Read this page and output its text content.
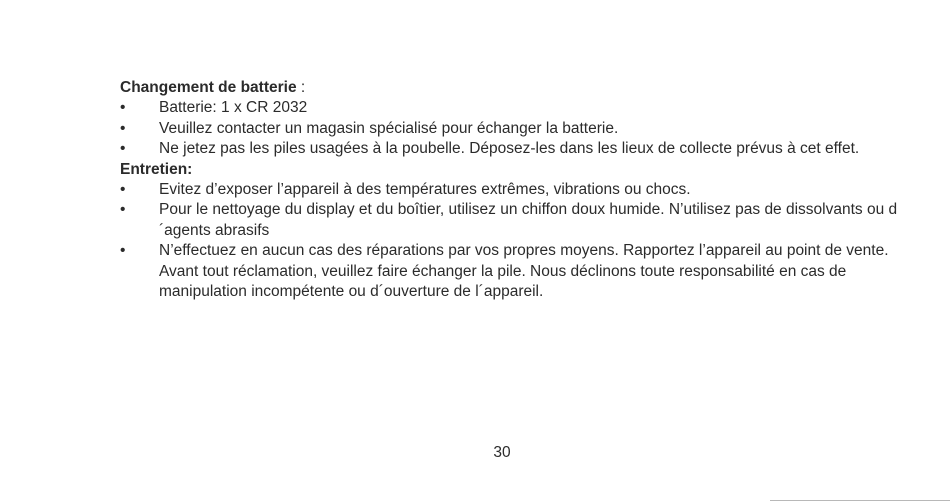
Changement de batterie :

•	Batterie: 1 x CR 2032
•	Veuillez contacter un magasin spécialisé pour échanger la batterie.
•	Ne jetez pas les piles usagées à la poubelle. Déposez-les dans les lieux de collecte prévus à cet effet.

Entretien:

•	Evitez d’exposer l’appareil à des températures extrêmes, vibrations ou chocs.
•	Pour le nettoyage du display et du boîtier, utilisez un chiffon doux humide. N’utilisez pas de dissolvants ou d´agents abrasifs
•	N’effectuez en aucun cas des réparations par vos propres moyens. Rapportez l’appareil au point de vente. Avant tout réclamation, veuillez faire échanger la pile. Nous déclinons toute responsabilité en cas de manipulation incompétente ou d´ouverture de l´appareil.
30
